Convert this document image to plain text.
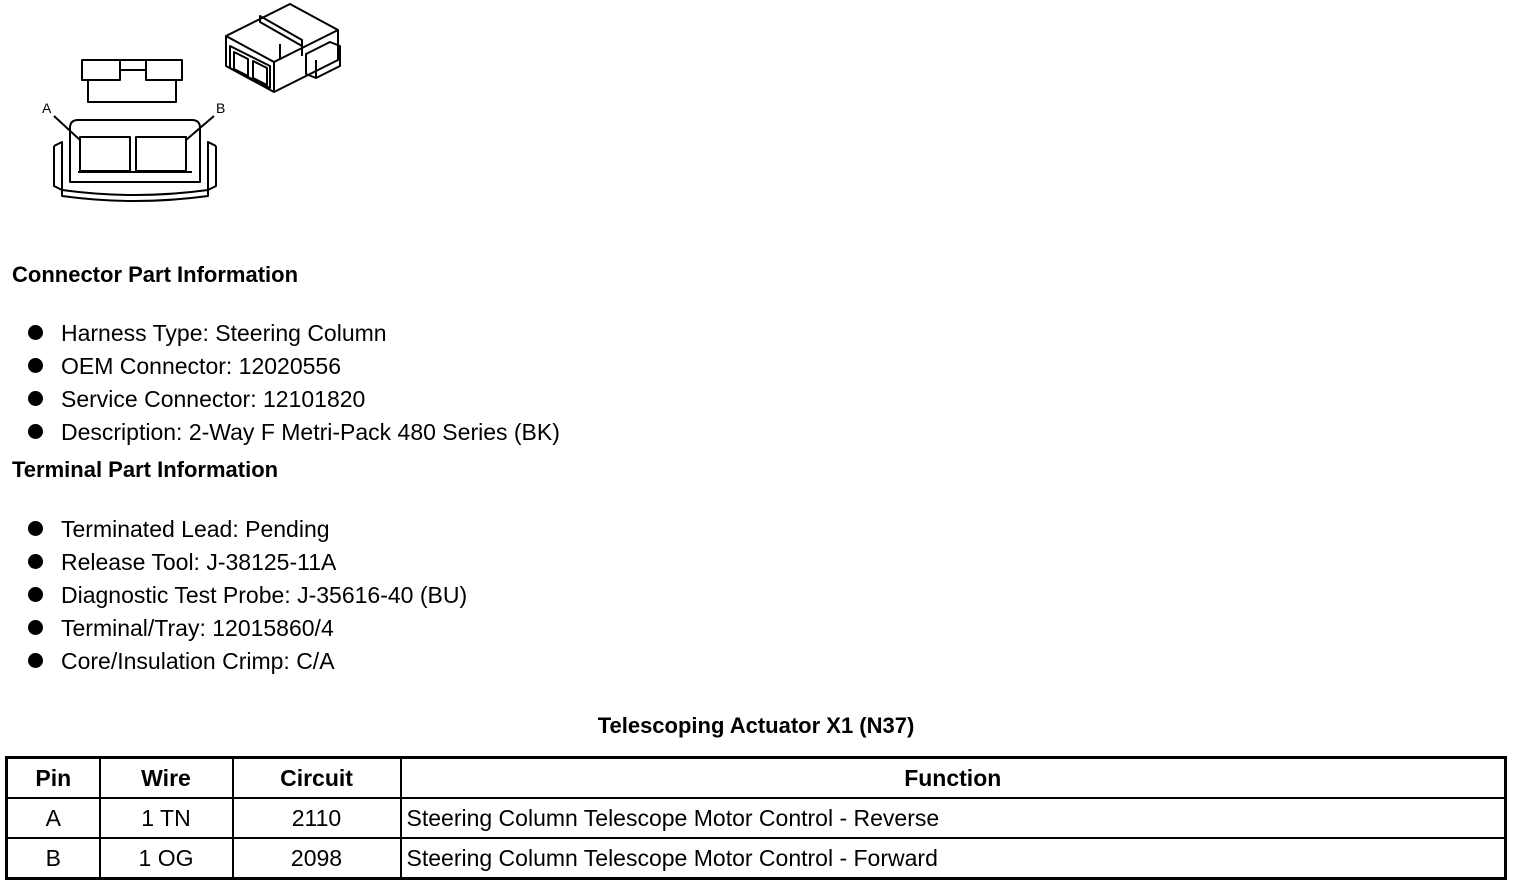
A	B
Connector Part Information
Harness Type: Steering Column
OEM Connector: 12020556
Service Connector: 12101820
Description: 2-Way F Metri-Pack 480 Series (BK)
Terminal Part Information
Terminated Lead: Pending
Release Tool: J-38125-11A
Diagnostic Test Probe: J-35616-40 (BU)
Terminal/Tray: 12015860/4
Core/Insulation Crimp: C/A
Telescoping Actuator X1 (N37)
Pin	Wire	Circuit	Function
A	1 TN	2110	Steering Column Telescope Motor Control - Reverse
B	1 OG	2098	Steering Column Telescope Motor Control - Forward
